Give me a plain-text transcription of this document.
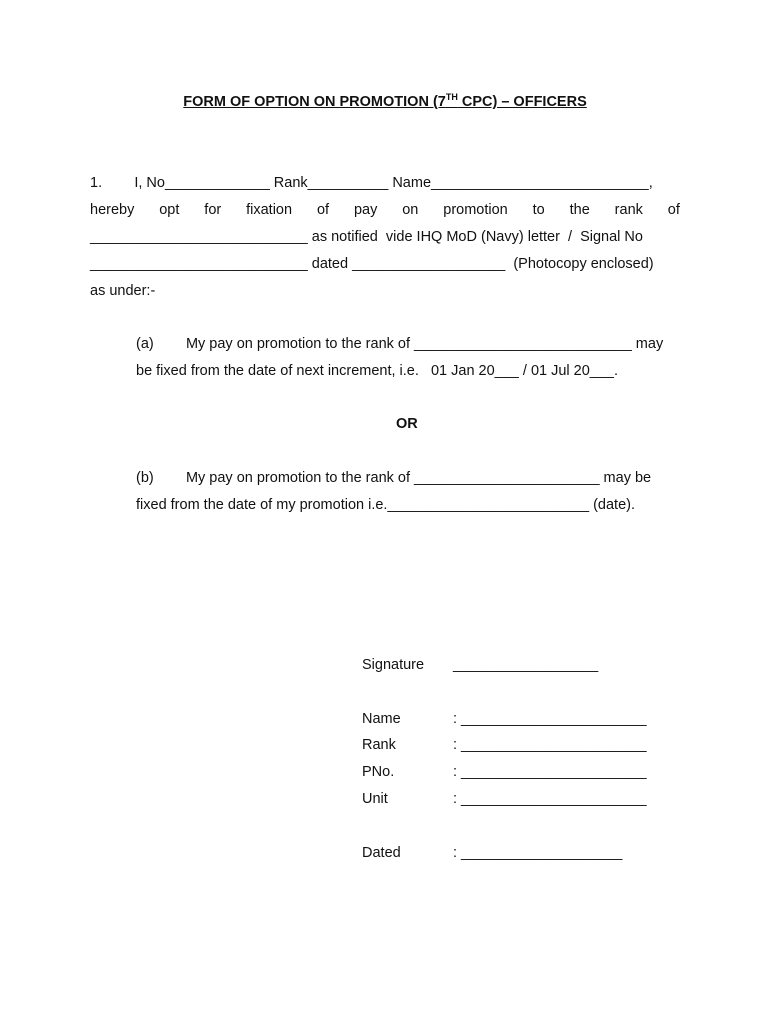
FORM OF OPTION ON PROMOTION (7TH CPC) – OFFICERS
1.        I, No_____________ Rank__________ Name___________________________,
hereby opt for fixation of pay on promotion to the rank of
___________________________ as notified  vide IHQ MoD (Navy) letter  /  Signal No
___________________________ dated ___________________  (Photocopy enclosed)
as under:-
(a)        My pay on promotion to the rank of ___________________________ may
be fixed from the date of next increment, i.e.   01 Jan 20___ / 01 Jul 20___.
OR
(b)        My pay on promotion to the rank of _______________________ may be
fixed from the date of my promotion i.e._________________________ (date).
Signature __________________
Name	: _______________________
Rank	: _______________________
PNo.	: _______________________
Unit	: _______________________
Dated	: ____________________
